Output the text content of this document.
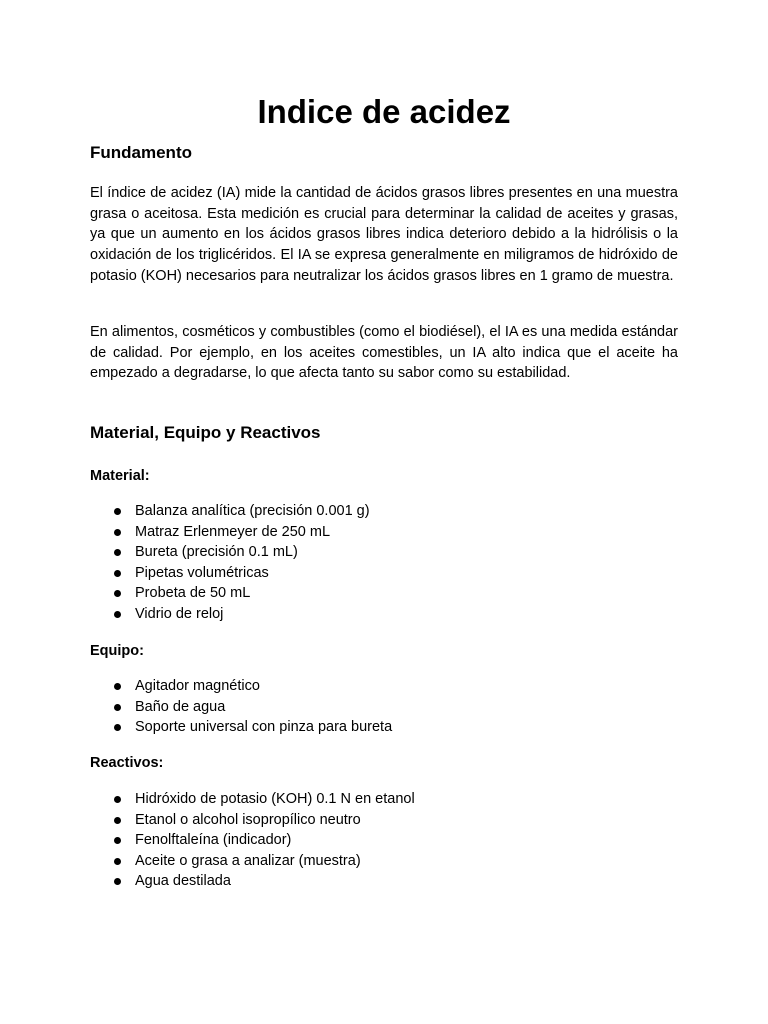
Indice de acidez
Fundamento

El índice de acidez (IA) mide la cantidad de ácidos grasos libres presentes en una muestra grasa o aceitosa. Esta medición es crucial para determinar la calidad de aceites y grasas, ya que un aumento en los ácidos grasos libres indica deterioro debido a la hidrólisis o la oxidación de los triglicéridos. El IA se expresa generalmente en miligramos de hidróxido de potasio (KOH) necesarios para neutralizar los ácidos grasos libres en 1 gramo de muestra.

En alimentos, cosméticos y combustibles (como el biodiésel), el IA es una medida estándar de calidad. Por ejemplo, en los aceites comestibles, un IA alto indica que el aceite ha empezado a degradarse, lo que afecta tanto su sabor como su estabilidad.

Material, Equipo y Reactivos
Material:
Balanza analítica (precisión 0.001 g)
Matraz Erlenmeyer de 250 mL
Bureta (precisión 0.1 mL)
Pipetas volumétricas
Probeta de 50 mL
Vidrio de reloj
Equipo:
Agitador magnético
Baño de agua
Soporte universal con pinza para bureta
Reactivos:
Hidróxido de potasio (KOH) 0.1 N en etanol
Etanol o alcohol isopropílico neutro
Fenolftaleína (indicador)
Aceite o grasa a analizar (muestra)
Agua destilada
